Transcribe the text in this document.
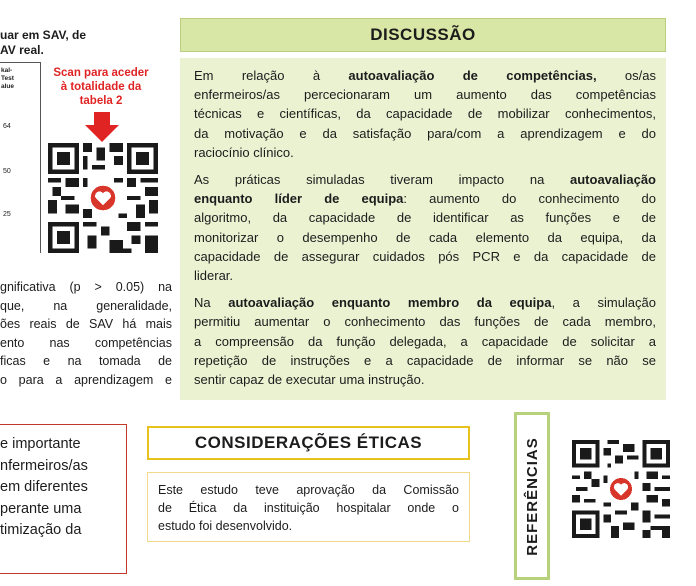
uar em SAV, de
AV real.
kal-
Test
alue
64
50
25
Scan para aceder
à totalidade da
tabela 2
gnificativa (p > 0.05) na
que, na generalidade,
ões reais de SAV há mais
ento nas competências
ficas e na tomada de
o para a aprendizagem e
DISCUSSÃO
Em relação à autoavaliação de competências, os/as
enfermeiros/as percecionaram um aumento das competências
técnicas e científicas, da capacidade de mobilizar conhecimentos,
da motivação e da satisfação para/com a aprendizagem e do
raciocínio clínico.
As práticas simuladas tiveram impacto na autoavaliação
enquanto líder de equipa: aumento do conhecimento do
algoritmo, da capacidade de identificar as funções e de
monitorizar o desempenho de cada elemento da equipa, da
capacidade de assegurar cuidados pós PCR e da capacidade de
liderar.
Na autoavaliação enquanto membro da equipa, a simulação
permitiu aumentar o conhecimento das funções de cada membro,
a compreensão da função delegada, a capacidade de solicitar a
repetição de instruções e a capacidade de informar se não se
sentir capaz de executar uma instrução.
e importante
nfermeiros/as
em diferentes
perante uma
timização da
CONSIDERAÇÕES ÉTICAS
Este estudo teve aprovação da Comissão
de Ética da instituição hospitalar onde o
estudo foi desenvolvido.	REFERÊNCIAS
